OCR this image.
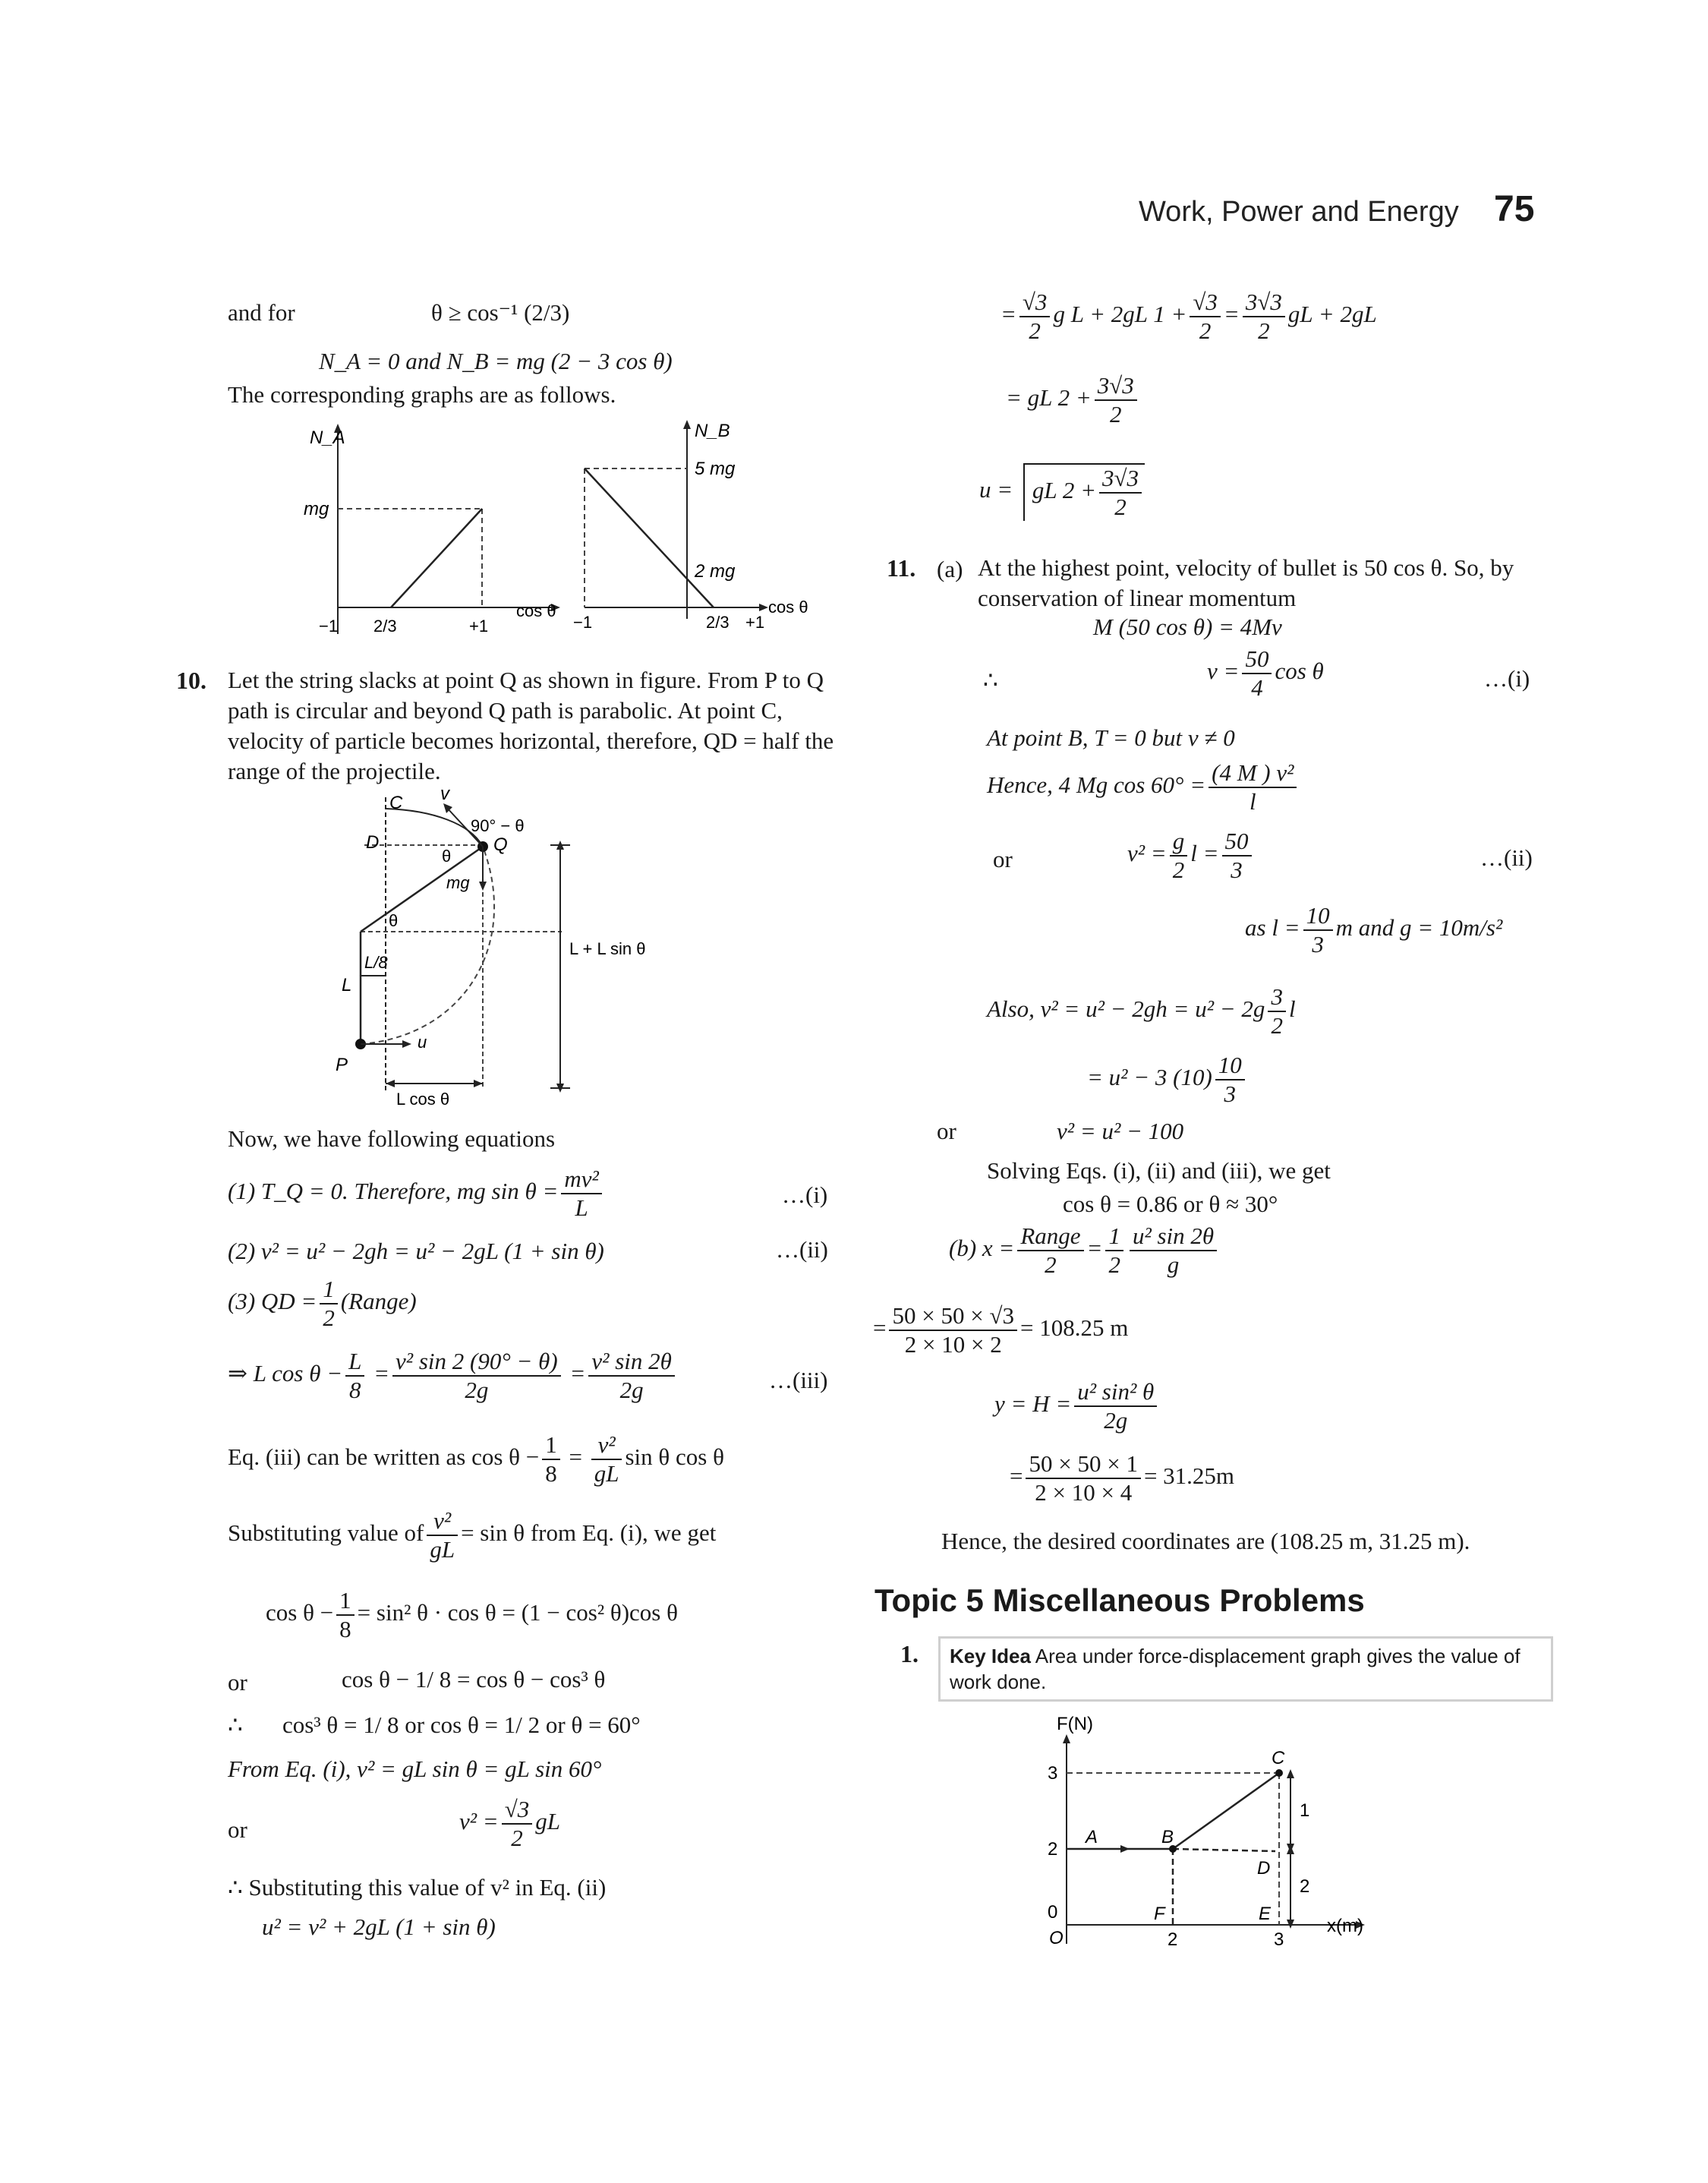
Work, Power and Energy 75
and for	θ ≥ cos⁻¹ (2/3)
N_A = 0 and N_B = mg (2 − 3 cos θ)
The corresponding graphs are as follows.
N_A
mg
−1 2/3	+1
cos θ
N_B
5 mg
2 mg
−1	2/3 +1
cos θ
10. Let the string slacks at point Q as shown in figure. From P to Q path is circular and beyond Q path is parabolic. At point C, velocity of particle becomes horizontal, therefore, QD = half the range of the projectile.
C v
90° − θ
D
θ
Q
mg
θ
L/8
L
L + L sin θ
P
u
L cos θ
Now, we have following equations
(1) T_Q = 0. Therefore, mg $\sin \theta = \frac{\text{mv²}}{L}$	…(i)
(2) v² = u² − 2gh = u² − 2gL (1 + sin θ)	…(ii)
(3) QD = $\frac{1}{2}$ (Range)
⇒ L $\cos \theta - \frac{L}{8} = \frac{\text{v² sin 2 (90° − θ)}}{2g} = \frac{\text{v² sin 2θ}}{2g}$	…(iii)
Eq. (iii) can be written as $\cos \theta - \frac{1}{8} = \frac{\text{v²}}{gL}$ sin θ cos θ
Substituting value of $\frac{\text{v²}}{gL} = \sin \theta$ from Eq. (i), we get
$\cos \theta - \frac{1}{8} = \sin^2$ θ · cos θ = (1 − cos² θ)cos θ
or	cos θ − 1/ 8 = cos θ − cos³ θ
∴ cos³ θ = 1/ 8 or cos θ = 1/ 2 or θ = 60°
From Eq. (i), v² = gL sin θ = gL sin 60°
or	$v^2 = \frac{√3}{2}$ gL
∴ Substituting this value of v² in Eq. (ii)
u² = v² + 2gL (1 + sin θ)
= $\frac{√3}{2}$ g L + 2gL $1 + \frac{√3}{2} = \frac{3√3}{2}$ gL + 2gL
= gL $2 + \frac{3√3}{2}$
u = gL $2 + \frac{3√3}{2}$
11. (a) At the highest point, velocity of bullet is 50 cos θ. So, by conservation of linear momentum
M (50 cos θ) = 4Mv
∴	$v = \frac{50}{4}$ cos θ	…(i)
At point B, T = 0 but v ≠ 0
Hence, 4 Mg $\cos 60^\circ = \frac{\text{(4 M ) v²}}{l}$
or	$v^2 = \frac{g}{2}$ $l = \frac{50}{3}$	…(ii)
as $l = \frac{10}{3}$ m and g = 10m/s²
Also, $v^2 = u^2 - 2gh = u^2 - 2g \frac{3}{2}$ l
= u² − 3 $(10) \frac{10}{3}$
or	v² = u² − 100
Solving Eqs. (i), (ii) and (iii), we get
cos θ = 0.86 or θ ≈ 30°
(b) $x = \frac{\text{Range}}{2} = \frac{1}{2} \frac{\text{u² sin 2θ}}{g}$
= $\frac{50 \times 50 \times √3}{2 \times 10 \times 2} = 108.25$ m
$y = H = \frac{\text{u² sin² θ}}{2g}$
= $\frac{50 \times 50 \times 1}{2 \times 10 \times 4} = 31.25m$
Hence, the desired coordinates are (108.25 m, 31.25 m).
Topic 5 Miscellaneous Problems
1.	Key Idea Area under force-displacement graph gives the value of work done.
F(N)
3
2
0
O	2	3
x(m)
A	B
C
D
E
F
1
2
